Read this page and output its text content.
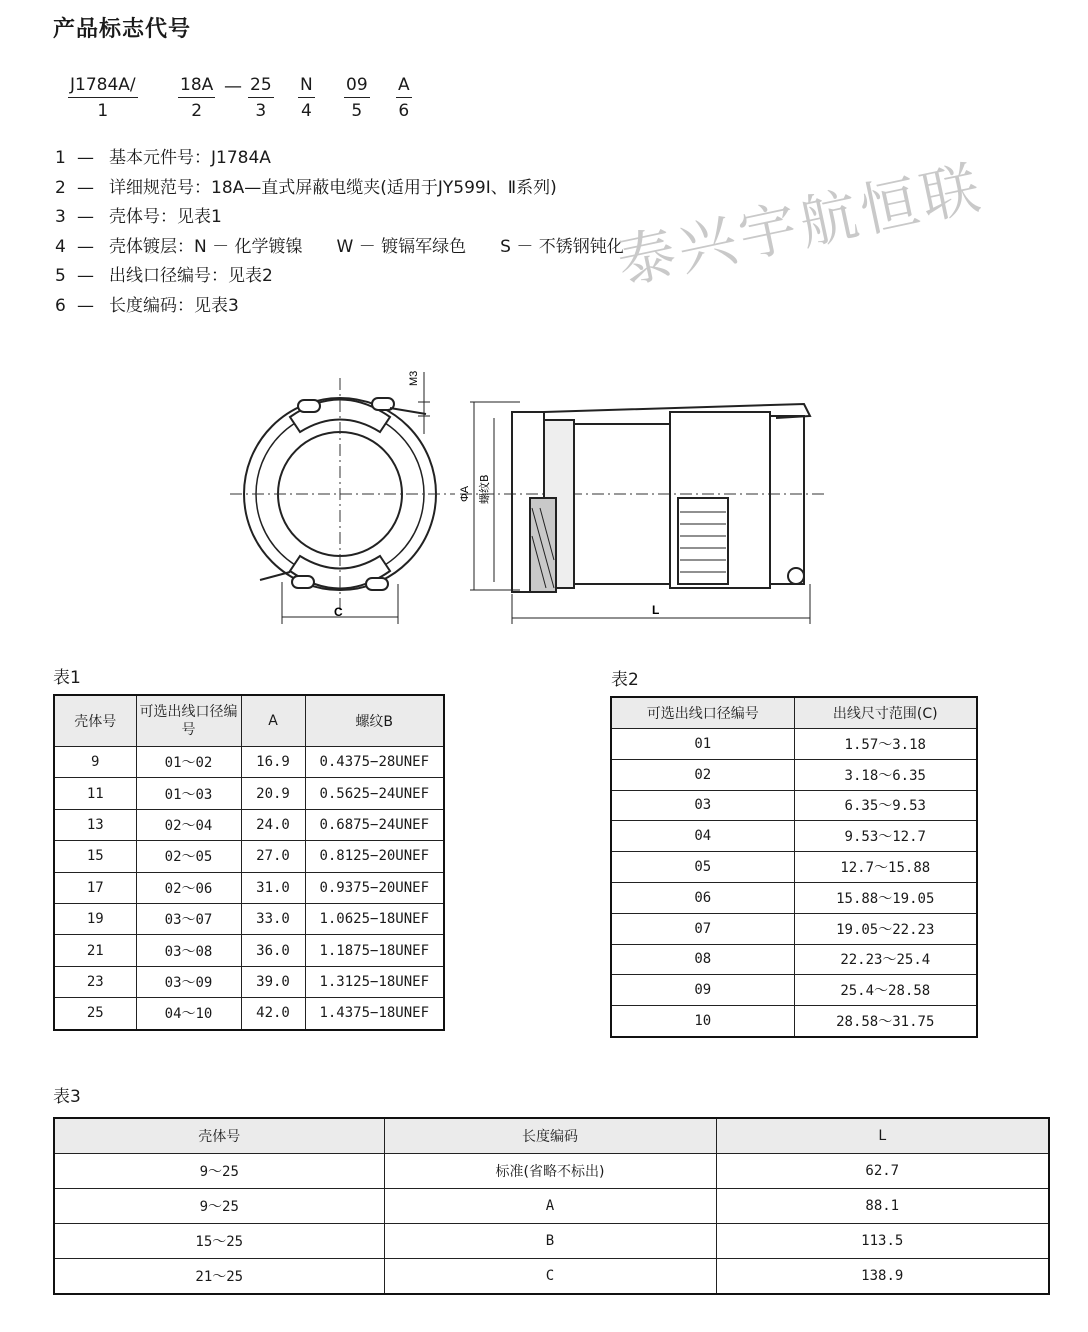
产品标志代号
J1784A/
1
18A
2
— 25
3
N
4
09
5
A
6
1 — 基本元件号：J1784A
2 — 详细规范号：18A—直式屏蔽电缆夹(适用于JY599Ⅰ、Ⅱ系列)
3 — 壳体号：见表1
4 — 壳体镀层：N － 化学镀镍　　W － 镀镉军绿色　　S － 不锈钢钝化
5 — 出线口径编号：见表2
6 — 长度编码：见表3
泰兴宇航恒联
M3
C
ΦA 螺纹B
L
表1
壳体号	可选出线口径编号	A	螺纹B
9	01～02	16.9	0.4375−28UNEF
11	01～03	20.9	0.5625−24UNEF
13	02～04	24.0	0.6875−24UNEF
15	02～05	27.0	0.8125−20UNEF
17	02～06	31.0	0.9375−20UNEF
19	03～07	33.0	1.0625−18UNEF
21	03～08	36.0	1.1875−18UNEF
23	03～09	39.0	1.3125−18UNEF
25	04～10	42.0	1.4375−18UNEF
表2
可选出线口径编号	出线尺寸范围(C)
01	1.57～3.18
02	3.18～6.35
03	6.35～9.53
04	9.53～12.7
05	12.7～15.88
06	15.88～19.05
07	19.05～22.23
08	22.23～25.4
09	25.4～28.58
10	28.58～31.75
表3
壳体号	长度编码	L
9～25	标准(省略不标出)	62.7
9～25	A	88.1
15～25	B	113.5
21～25	C	138.9
